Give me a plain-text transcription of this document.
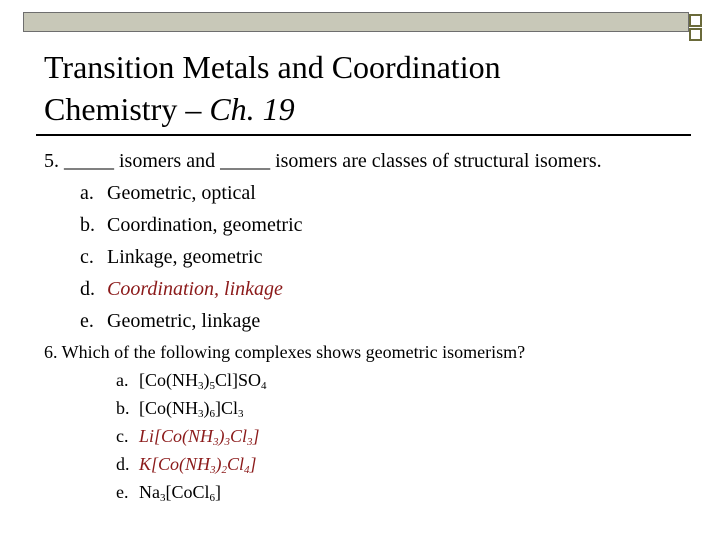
Transition Metals and Coordination
Chemistry – Ch. 19
5. _____ isomers and _____ isomers are classes of structural isomers.
a. Geometric, optical
b. Coordination, geometric
c. Linkage, geometric
d. Coordination, linkage
e. Geometric, linkage
6. Which of the following complexes shows geometric isomerism?
a. $[Co(NH_3)_5Cl]SO_4$
b. $[Co(NH_3)_6]Cl_3$
c. $Li[Co(NH_3)_3Cl_3]$
d. $K[Co(NH_3)_2Cl_4]$
e. $Na_3[CoCl_6]$
